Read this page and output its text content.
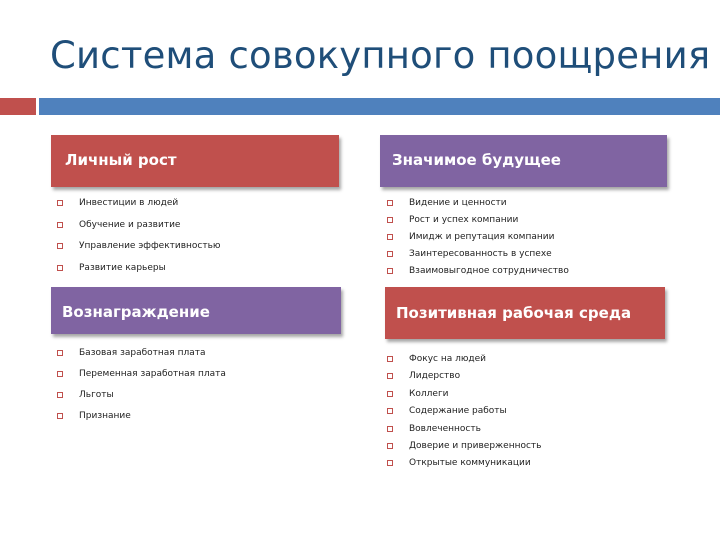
Система совокупного поощрения
Личный рост
Инвестиции в людей
Обучение и развитие
Управление эффективностью
Развитие карьеры
Значимое будущее
Видение и ценности
Рост и успех компании
Имидж и репутация компании
Заинтересованность в успехе
Взаимовыгодное сотрудничество
Вознаграждение
Базовая заработная плата
Переменная заработная плата
Льготы
Признание
Позитивная рабочая среда
Фокус на людей
Лидерство
Коллеги
Содержание работы
Вовлеченность
Доверие и приверженность
Открытые коммуникации
